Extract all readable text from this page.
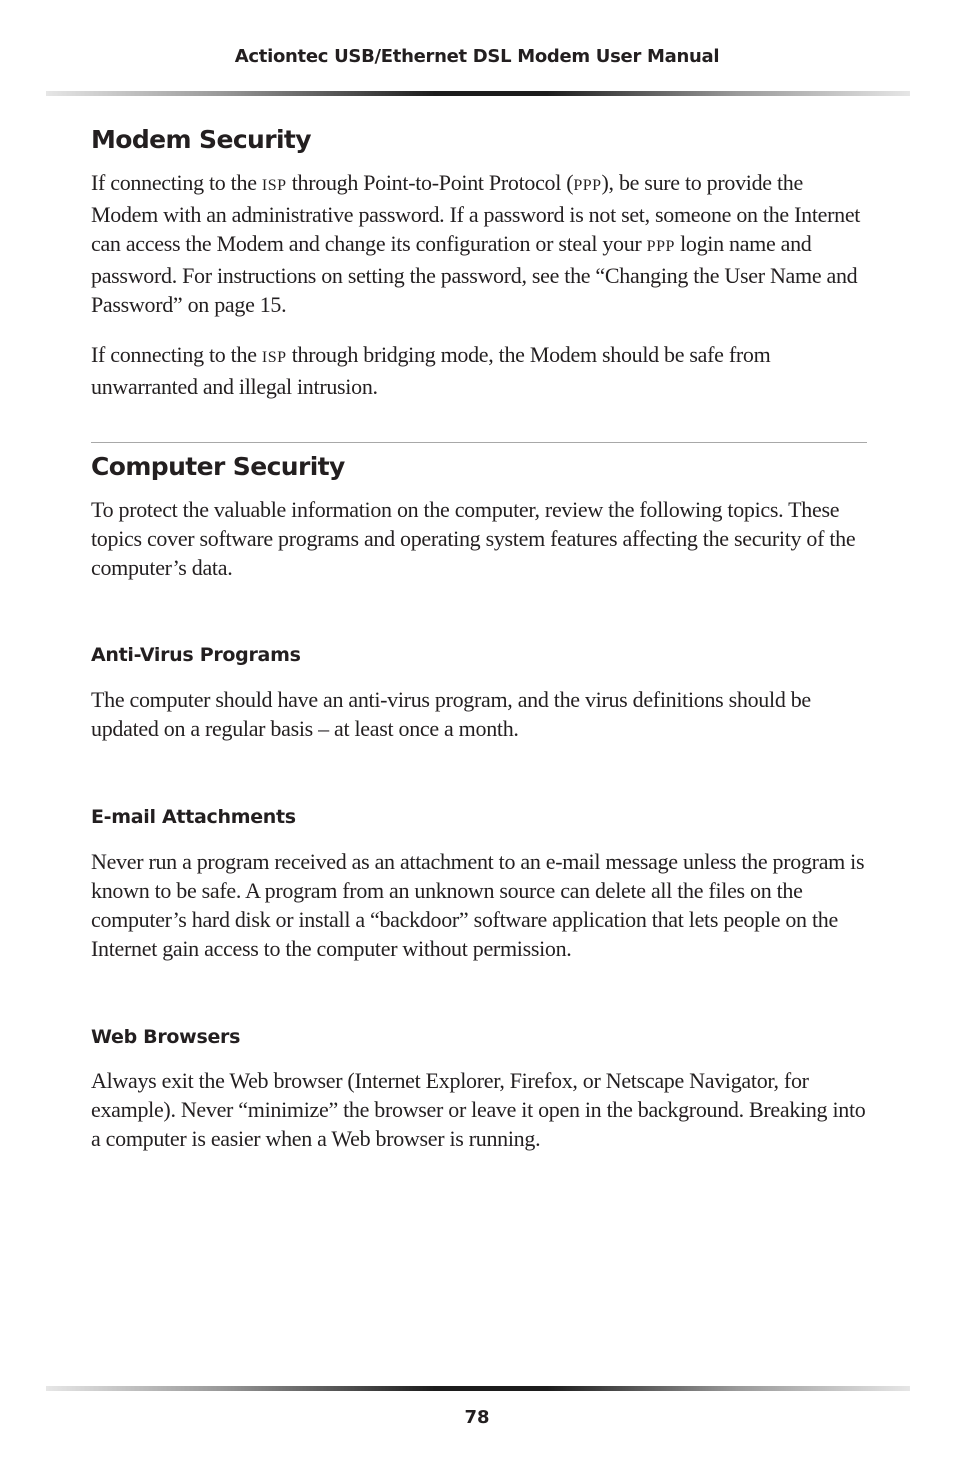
Actiontec USB/Ethernet DSL Modem User Manual
Modem Security

If connecting to the ISP through Point-to-Point Protocol (PPP), be sure to provide the Modem with an administrative password. If a password is not set, someone on the Internet can access the Modem and change its configuration or steal your PPP login name and password. For instructions on setting the password, see the “Changing the User Name and Password” on page 15.

If connecting to the ISP through bridging mode, the Modem should be safe from unwarranted and illegal intrusion.

Computer Security

To protect the valuable information on the computer, review the following topics. These topics cover software programs and operating system features affecting the security of the computer’s data.

Anti-Virus Programs

The computer should have an anti-virus program, and the virus definitions should be updated on a regular basis – at least once a month.

E-mail Attachments

Never run a program received as an attachment to an e-mail message unless the program is known to be safe. A program from an unknown source can delete all the files on the computer’s hard disk or install a “backdoor” software application that lets people on the Internet gain access to the computer without permission.

Web Browsers

Always exit the Web browser (Internet Explorer, Firefox, or Netscape Navigator, for example). Never “minimize” the browser or leave it open in the background. Breaking into a computer is easier when a Web browser is running.

78
